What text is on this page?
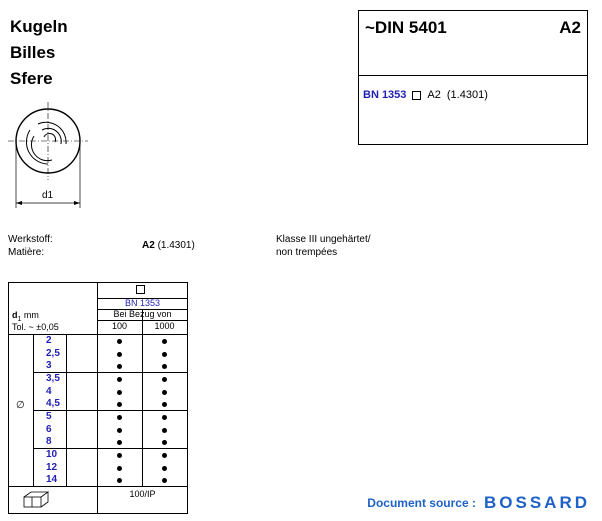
Kugeln
Billes
Sfere
d1
~DIN 5401	A2
BN 1353 A2 (1.4301)
Werkstoff:
Matière:
A2 (1.4301)
Klasse III ungehärtet/
non trempées
BN 1353
Bei Bezug von
100	1000
$d_1$ mm
Tol. ~ ±0,05
∅
2
2,5
3
3,5
4
4,5
5
6
8
10
12
14
100/IP
Document source : BOSSARD
